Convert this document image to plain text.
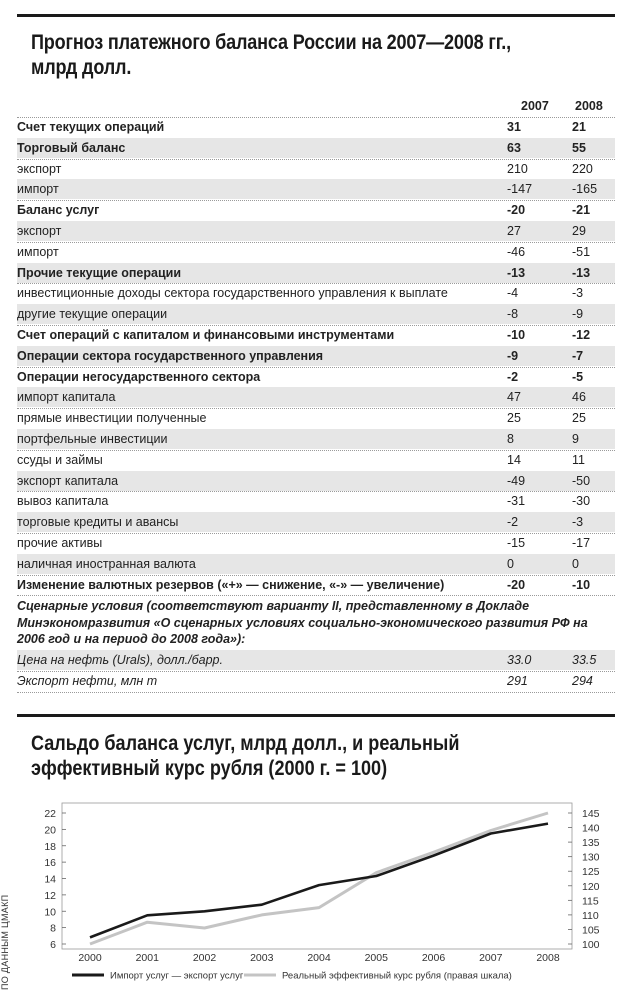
Прогноз платежного баланса России на 2007—2008 гг., млрд долл.
2007 2008
Счет текущих операций	31	21
Торговый баланс	63	55
экспорт	210	220
импорт	-147	-165
Баланс услуг	-20	-21
экспорт	27	29
импорт	-46	-51
Прочие текущие операции	-13	-13
инвестиционные доходы сектора государственного управления к выплате	-4	-3
другие текущие операции	-8	-9
Счет операций с капиталом и финансовыми инструментами	-10	-12
Операции сектора государственного управления	-9	-7
Операции негосударственного сектора	-2	-5
импорт капитала	47	46
прямые инвестиции полученные	25	25
портфельные инвестиции	8	9
ссуды и займы	14	11
экспорт капитала	-49	-50
вывоз капитала	-31	-30
торговые кредиты и авансы	-2	-3
прочие активы	-15	-17
наличная иностранная валюта	0	0
Изменение валютных резервов («+» — снижение, «-» — увеличение)	-20	-10
Сценарные условия (соответствуют варианту II, представленному в Докладе Минэкономразвития «О сценарных условиях социально-экономического развития РФ на 2006 год и на период до 2008 года»):
Цена на нефть (Urals), долл./барр.	33.0	33.5
Экспорт нефти, млн т	291	294
Сальдо баланса услуг, млрд долл., и реальный эффективный курс рубля (2000 г. = 100)
ПО ДАННЫМ ЦМАКП	6
8
10
12
14
16
18
20
22
100
105
110
115
120
125
130
135
140
145
2000	2001	2002	2003	2004	2005	2006	2007	2008
Импорт услуг — экспорт услуг	Реальный эффективный курс рубля (правая шкала)
